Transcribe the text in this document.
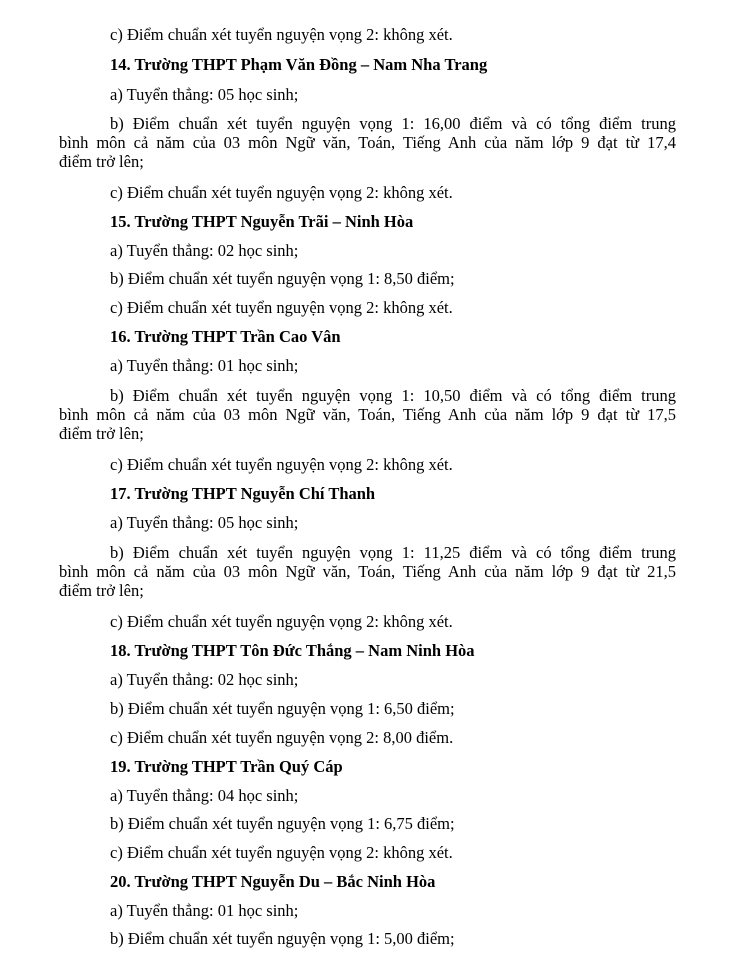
c) Điểm chuẩn xét tuyển nguyện vọng 2: không xét.
14. Trường THPT Phạm Văn Đồng – Nam Nha Trang
a) Tuyển thẳng: 05 học sinh;
b) Điểm chuẩn xét tuyển nguyện vọng 1: 16,00 điểm và có tổng điểm trung
bình môn cả năm của 03 môn Ngữ văn, Toán, Tiếng Anh của năm lớp 9 đạt từ 17,4
điểm trở lên;
c) Điểm chuẩn xét tuyển nguyện vọng 2: không xét.
15. Trường THPT Nguyễn Trãi – Ninh Hòa
a) Tuyển thẳng: 02 học sinh;
b) Điểm chuẩn xét tuyển nguyện vọng 1: 8,50 điểm;
c) Điểm chuẩn xét tuyển nguyện vọng 2: không xét.
16. Trường THPT Trần Cao Vân
a) Tuyển thẳng: 01 học sinh;
b) Điểm chuẩn xét tuyển nguyện vọng 1: 10,50 điểm và có tổng điểm trung
bình môn cả năm của 03 môn Ngữ văn, Toán, Tiếng Anh của năm lớp 9 đạt từ 17,5
điểm trở lên;
c) Điểm chuẩn xét tuyển nguyện vọng 2: không xét.
17. Trường THPT Nguyễn Chí Thanh
a) Tuyển thẳng: 05 học sinh;
b) Điểm chuẩn xét tuyển nguyện vọng 1: 11,25 điểm và có tổng điểm trung
bình môn cả năm của 03 môn Ngữ văn, Toán, Tiếng Anh của năm lớp 9 đạt từ 21,5
điểm trở lên;
c) Điểm chuẩn xét tuyển nguyện vọng 2: không xét.
18. Trường THPT Tôn Đức Thắng – Nam Ninh Hòa
a) Tuyển thẳng: 02 học sinh;
b) Điểm chuẩn xét tuyển nguyện vọng 1: 6,50 điểm;
c) Điểm chuẩn xét tuyển nguyện vọng 2: 8,00 điểm.
19. Trường THPT Trần Quý Cáp
a) Tuyển thẳng: 04 học sinh;
b) Điểm chuẩn xét tuyển nguyện vọng 1: 6,75 điểm;
c) Điểm chuẩn xét tuyển nguyện vọng 2: không xét.
20. Trường THPT Nguyễn Du – Bắc Ninh Hòa
a) Tuyển thẳng: 01 học sinh;
b) Điểm chuẩn xét tuyển nguyện vọng 1: 5,00 điểm;
